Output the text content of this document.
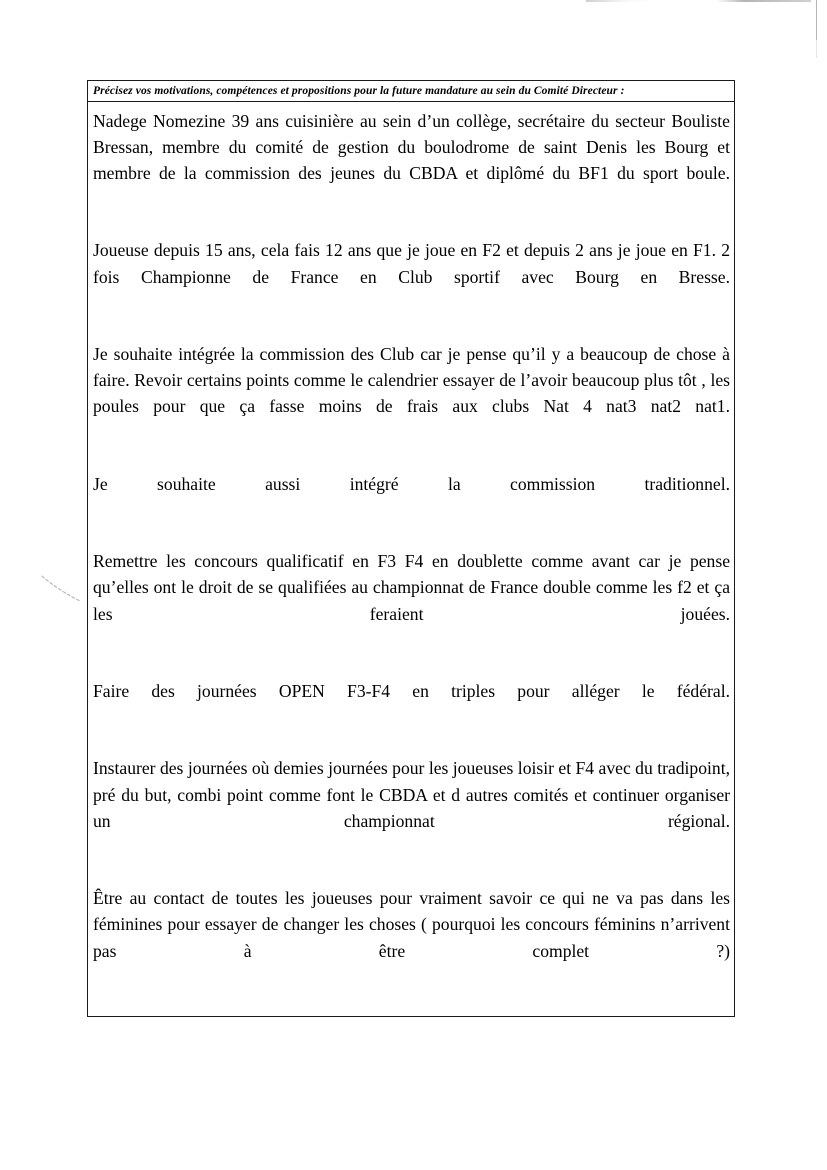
Précisez vos motivations, compétences et propositions pour la future mandature au sein du Comité Directeur :

Nadege Nomezine 39 ans cuisinière au sein d’un collège, secrétaire du secteur Bouliste Bressan, membre du comité de gestion du boulodrome de saint Denis les Bourg et membre de la commission des jeunes du CBDA et diplômé du BF1 du sport boule.

Joueuse depuis 15 ans, cela fais 12 ans que je joue en F2 et depuis 2 ans je joue en F1. 2 fois Championne de France en Club sportif avec Bourg en Bresse.

Je souhaite intégrée la commission des Club car je pense qu’il y a beaucoup de chose à faire. Revoir certains points comme le calendrier essayer de l’avoir beaucoup plus tôt , les poules pour que ça fasse moins de frais aux clubs Nat 4 nat3 nat2 nat1.

Je souhaite aussi intégré la commission traditionnel.

Remettre les concours qualificatif en F3 F4 en doublette comme avant car je pense qu’elles ont le droit de se qualifiées au championnat de France double comme les f2 et ça les feraient jouées.

Faire des journées OPEN F3-F4 en triples pour alléger le fédéral.

Instaurer des journées où demies journées pour les joueuses loisir et F4 avec du tradipoint, pré du but, combi point comme font le CBDA et d autres comités et continuer organiser un championnat régional.

Être au contact de toutes les joueuses pour vraiment savoir ce qui ne va pas dans les féminines pour essayer de changer les choses ( pourquoi les concours féminins n’arrivent pas à être complet ?)
